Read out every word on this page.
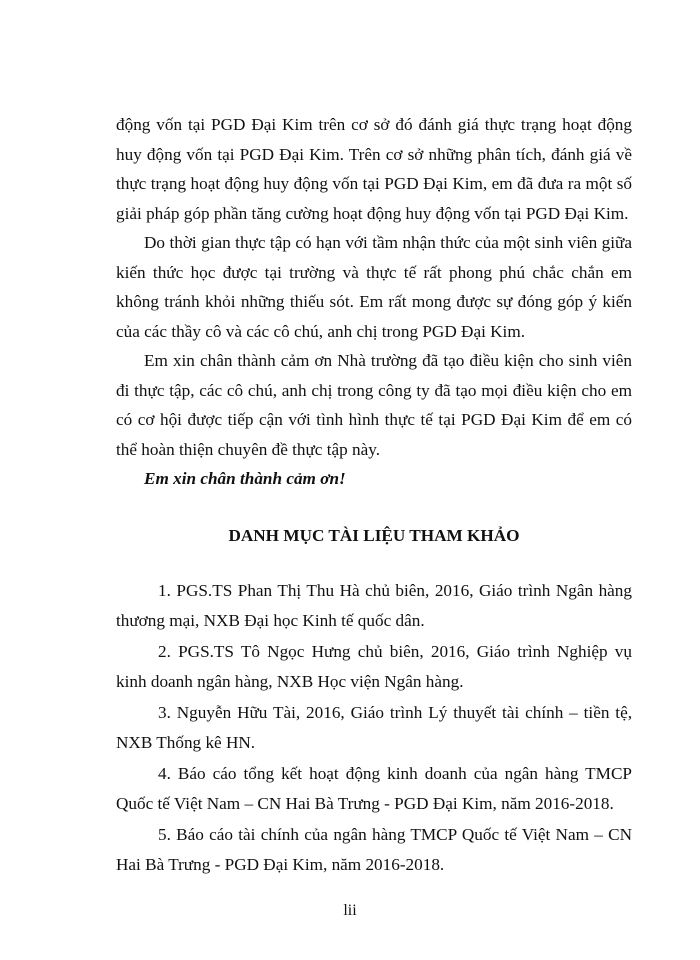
động vốn tại PGD Đại Kim trên cơ sở đó đánh giá thực trạng hoạt động huy động vốn tại PGD Đại Kim. Trên cơ sở những phân tích, đánh giá về thực trạng hoạt động huy động vốn tại PGD Đại Kim, em đã đưa ra một số giải pháp góp phần tăng cường hoạt động huy động vốn tại PGD Đại Kim.

Do thời gian thực tập có hạn với tầm nhận thức của một sinh viên giữa kiến thức học được tại trường và thực tế rất phong phú chắc chắn em không tránh khỏi những thiếu sót. Em rất mong được sự đóng góp ý kiến của các thầy cô và các cô chú, anh chị trong PGD Đại Kim.

Em xin chân thành cảm ơn Nhà trường đã tạo điều kiện cho sinh viên đi thực tập, các cô chú, anh chị trong công ty đã tạo mọi điều kiện cho em có cơ hội được tiếp cận với tình hình thực tế tại PGD Đại Kim để em có thể hoàn thiện chuyên đề thực tập này.

Em xin chân thành cảm ơn!

DANH MỤC TÀI LIỆU THAM KHẢO

1. PGS.TS Phan Thị Thu Hà chủ biên, 2016, Giáo trình Ngân hàng thương mại, NXB Đại học Kinh tế quốc dân.

2. PGS.TS Tô Ngọc Hưng chủ biên, 2016, Giáo trình Nghiệp vụ kinh doanh ngân hàng, NXB Học viện Ngân hàng.

3. Nguyễn Hữu Tài, 2016, Giáo trình Lý thuyết tài chính – tiền tệ, NXB Thống kê HN.

4. Báo cáo tổng kết hoạt động kinh doanh của ngân hàng TMCP Quốc tế Việt Nam – CN Hai Bà Trưng - PGD Đại Kim, năm 2016-2018.

5. Báo cáo tài chính của ngân hàng TMCP Quốc tế Việt Nam – CN Hai Bà Trưng - PGD Đại Kim, năm 2016-2018.

lii
